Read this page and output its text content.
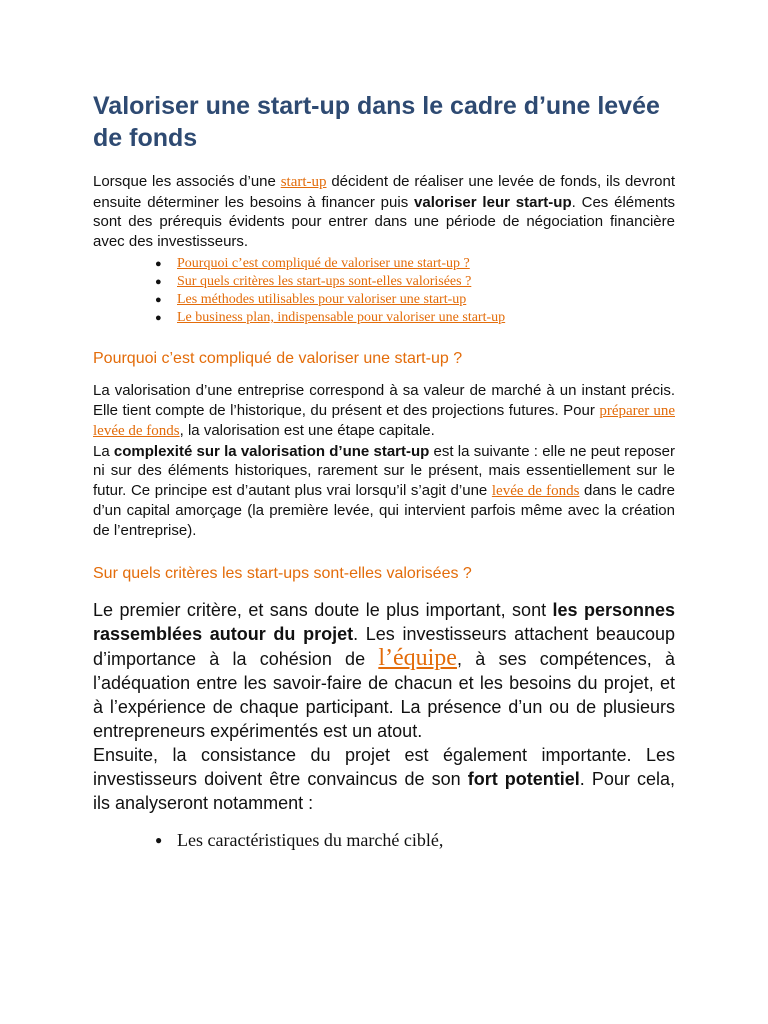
Valoriser une start-up dans le cadre d’une levée de fonds

Lorsque les associés d’une start-up décident de réaliser une levée de fonds, ils devront ensuite déterminer les besoins à financer puis valoriser leur start-up. Ces éléments sont des prérequis évidents pour entrer dans une période de négociation financière avec des investisseurs.

● Pourquoi c’est compliqué de valoriser une start-up ?
● Sur quels critères les start-ups sont-elles valorisées ?
● Les méthodes utilisables pour valoriser une start-up
● Le business plan, indispensable pour valoriser une start-up
Pourquoi c’est compliqué de valoriser une start-up ?

La valorisation d’une entreprise correspond à sa valeur de marché à un instant précis. Elle tient compte de l’historique, du présent et des projections futures. Pour préparer une levée de fonds, la valorisation est une étape capitale.

La complexité sur la valorisation d’une start-up est la suivante : elle ne peut reposer ni sur des éléments historiques, rarement sur le présent, mais essentiellement sur le futur. Ce principe est d’autant plus vrai lorsqu’il s’agit d’une levée de fonds dans le cadre d’un capital amorçage (la première levée, qui intervient parfois même avec la création de l’entreprise).

Sur quels critères les start-ups sont-elles valorisées ?

Le premier critère, et sans doute le plus important, sont les personnes rassemblées autour du projet. Les investisseurs attachent beaucoup d’importance à la cohésion de l’équipe, à ses compétences, à l’adéquation entre les savoir-faire de chacun et les besoins du projet, et à l’expérience de chaque participant. La présence d’un ou de plusieurs entrepreneurs expérimentés est un atout.

Ensuite, la consistance du projet est également importante. Les investisseurs doivent être convaincus de son fort potentiel. Pour cela, ils analyseront notamment :

● Les caractéristiques du marché ciblé,
